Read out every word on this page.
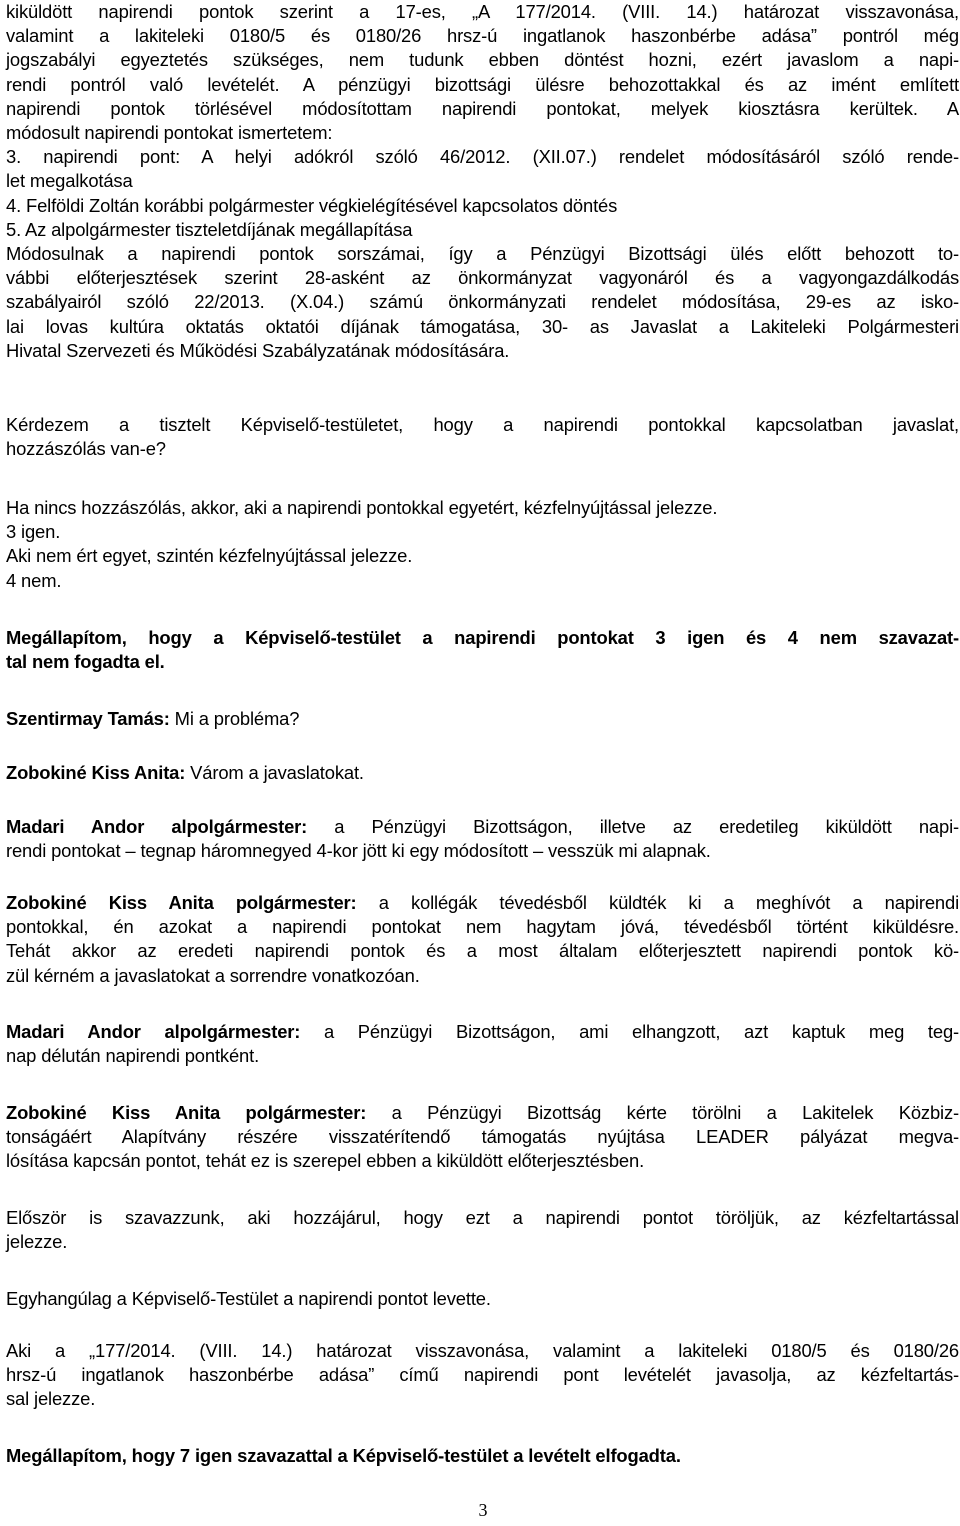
kiküldött napirendi pontok szerint a 17-es, „A 177/2014. (VIII. 14.) határozat visszavonása,
valamint a lakiteleki 0180/5 és 0180/26 hrsz-ú ingatlanok haszonbérbe adása” pontról még
jogszabályi egyeztetés szükséges, nem tudunk ebben döntést hozni, ezért javaslom a napi-
rendi pontról való levételét. A pénzügyi bizottsági ülésre behozottakkal és az imént említett
napirendi pontok törlésével módosítottam napirendi pontokat, melyek kiosztásra kerültek. A
módosult napirendi pontokat ismertetem:
3. napirendi pont: A helyi adókról szóló 46/2012. (XII.07.) rendelet módosításáról szóló rende-
let megalkotása
4. Felföldi Zoltán korábbi polgármester végkielégítésével kapcsolatos döntés
5. Az alpolgármester tiszteletdíjának megállapítása
Módosulnak a napirendi pontok sorszámai, így a Pénzügyi Bizottsági ülés előtt behozott to-
vábbi előterjesztések szerint 28-asként az önkormányzat vagyonáról és a vagyongazdálkodás
szabályairól szóló 22/2013. (X.04.) számú önkormányzati rendelet módosítása, 29-es az isko-
lai lovas kultúra oktatás oktatói díjának támogatása, 30- as Javaslat a Lakiteleki Polgármesteri
Hivatal Szervezeti és Működési Szabályzatának módosítására.
Kérdezem a tisztelt Képviselő-testületet, hogy a napirendi pontokkal kapcsolatban javaslat,
hozzászólás van-e?
Ha nincs hozzászólás, akkor, aki a napirendi pontokkal egyetért, kézfelnyújtással jelezze.
3 igen.
Aki nem ért egyet, szintén kézfelnyújtással jelezze.
4 nem.
Megállapítom, hogy a Képviselő-testület a napirendi pontokat 3 igen és 4 nem szavazat-
tal nem fogadta el.
Szentirmay Tamás: Mi a probléma?
Zobokiné Kiss Anita: Várom a javaslatokat.
Madari Andor alpolgármester: a Pénzügyi Bizottságon, illetve az eredetileg kiküldött napi-
rendi pontokat – tegnap háromnegyed 4-kor jött ki egy módosított – vesszük mi alapnak.
Zobokiné Kiss Anita polgármester: a kollégák tévedésből küldték ki a meghívót a napirendi
pontokkal, én azokat a napirendi pontokat nem hagytam jóvá, tévedésből történt kiküldésre.
Tehát akkor az eredeti napirendi pontok és a most általam előterjesztett napirendi pontok kö-
zül kérném a javaslatokat a sorrendre vonatkozóan.
Madari Andor alpolgármester: a Pénzügyi Bizottságon, ami elhangzott, azt kaptuk meg teg-
nap délután napirendi pontként.
Zobokiné Kiss Anita polgármester: a Pénzügyi Bizottság kérte törölni a Lakitelek Közbiz-
tonságáért Alapítvány részére visszatérítendő támogatás nyújtása LEADER pályázat megva-
lósítása kapcsán pontot, tehát ez is szerepel ebben a kiküldött előterjesztésben.
Először is szavazzunk, aki hozzájárul, hogy ezt a napirendi pontot töröljük, az kézfeltartással
jelezze.
Egyhangúlag a Képviselő-Testület a napirendi pontot levette.
Aki a „177/2014. (VIII. 14.) határozat visszavonása, valamint a lakiteleki 0180/5 és 0180/26
hrsz-ú ingatlanok haszonbérbe adása” című napirendi pont levételét javasolja, az kézfeltartás-
sal jelezze.
Megállapítom, hogy 7 igen szavazattal a Képviselő-testület a levételt elfogadta.
3
